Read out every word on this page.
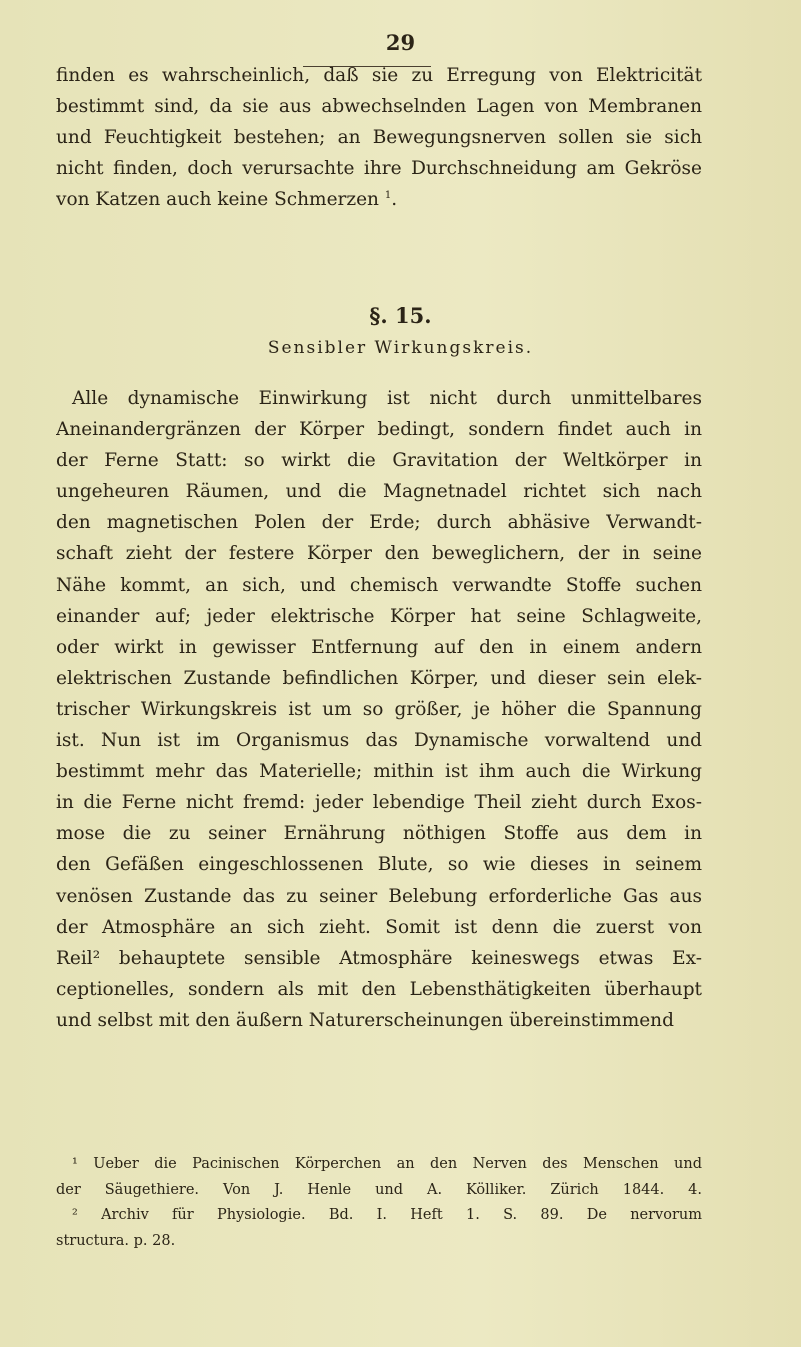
29
finden es wahrscheinlich, daß sie zu Erregung von Elektricität
bestimmt sind, da sie aus abwechselnden Lagen von Membranen
und Feuchtigkeit bestehen; an Bewegungsnerven sollen sie sich
nicht finden, doch verursachte ihre Durchschneidung am Gekröse
von Katzen auch keine Schmerzen $^1$.
§. 15.
Sensibler Wirkungskreis.
Alle dynamische Einwirkung ist nicht durch unmittelbares
Aneinandergränzen der Körper bedingt, sondern findet auch in
der Ferne Statt: so wirkt die Gravitation der Weltkörper in
ungeheuren Räumen, und die Magnetnadel richtet sich nach
den magnetischen Polen der Erde; durch abhäsive Verwandt-
schaft zieht der festere Körper den beweglichern, der in seine
Nähe kommt, an sich, und chemisch verwandte Stoffe suchen
einander auf; jeder elektrische Körper hat seine Schlagweite,
oder wirkt in gewisser Entfernung auf den in einem andern
elektrischen Zustande befindlichen Körper, und dieser sein elek-
trischer Wirkungskreis ist um so größer, je höher die Spannung
ist. Nun ist im Organismus das Dynamische vorwaltend und
bestimmt mehr das Materielle; mithin ist ihm auch die Wirkung
in die Ferne nicht fremd: jeder lebendige Theil zieht durch Exos-
mose die zu seiner Ernährung nöthigen Stoffe aus dem in
den Gefäßen eingeschlossenen Blute, so wie dieses in seinem
venösen Zustande das zu seiner Belebung erforderliche Gas aus
der Atmosphäre an sich zieht. Somit ist denn die zuerst von
Reil² behauptete sensible Atmosphäre keineswegs etwas Ex-
ceptionelles, sondern als mit den Lebensthätigkeiten überhaupt
und selbst mit den äußern Naturerscheinungen übereinstimmend
¹ Ueber die Pacinischen Körperchen an den Nerven des Menschen und
der Säugethiere. Von J. Henle und A. Kölliker. Zürich 1844. 4.
² Archiv für Physiologie. Bd. I. Heft 1. S. 89. De nervorum
structura. p. 28.
